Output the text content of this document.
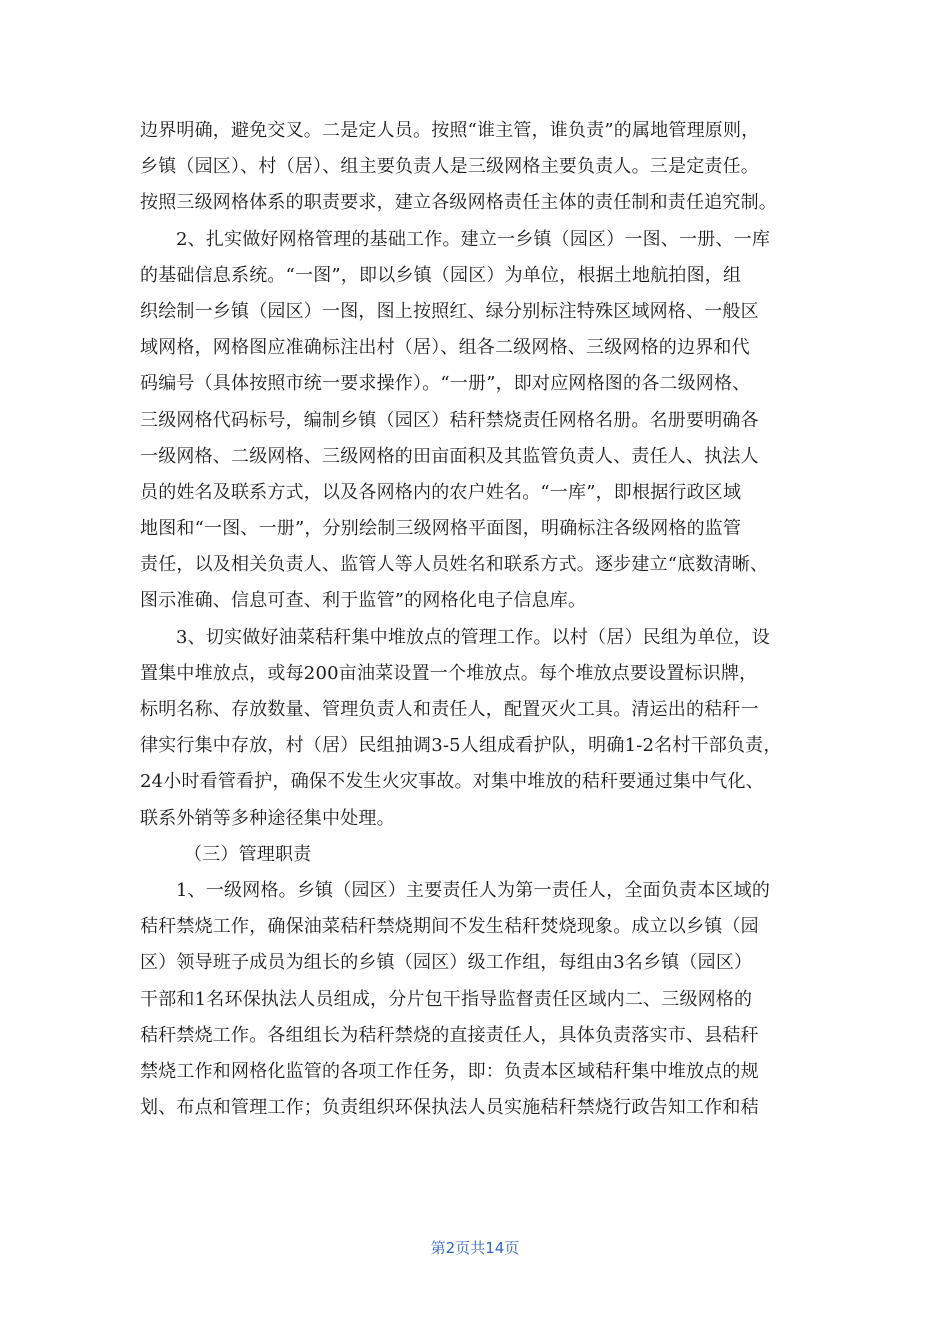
边界明确，避免交叉。二是定人员。按照“谁主管，谁负责”的属地管理原则，
乡镇（园区）、村（居）、组主要负责人是三级网格主要负责人。三是定责任。
按照三级网格体系的职责要求，建立各级网格责任主体的责任制和责任追究制。
2、扎实做好网格管理的基础工作。建立一乡镇（园区）一图、一册、一库
的基础信息系统。“一图”，即以乡镇（园区）为单位，根据土地航拍图，组
织绘制一乡镇（园区）一图，图上按照红、绿分别标注特殊区域网格、一般区
域网格，网格图应准确标注出村（居）、组各二级网格、三级网格的边界和代
码编号（具体按照市统一要求操作）。“一册”，即对应网格图的各二级网格、
三级网格代码标号，编制乡镇（园区）秸秆禁烧责任网格名册。名册要明确各
一级网格、二级网格、三级网格的田亩面积及其监管负责人、责任人、执法人
员的姓名及联系方式，以及各网格内的农户姓名。“一库”，即根据行政区域
地图和“一图、一册”，分别绘制三级网格平面图，明确标注各级网格的监管
责任，以及相关负责人、监管人等人员姓名和联系方式。逐步建立“底数清晰、
图示准确、信息可查、利于监管”的网格化电子信息库。
3、切实做好油菜秸秆集中堆放点的管理工作。以村（居）民组为单位，设
置集中堆放点，或每200亩油菜设置一个堆放点。每个堆放点要设置标识牌，
标明名称、存放数量、管理负责人和责任人，配置灭火工具。清运出的秸秆一
律实行集中存放，村（居）民组抽调3-5人组成看护队，明确1-2名村干部负责，
24小时看管看护，确保不发生火灾事故。对集中堆放的秸秆要通过集中气化、
联系外销等多种途径集中处理。
（三）管理职责
1、一级网格。乡镇（园区）主要责任人为第一责任人，全面负责本区域的
秸秆禁烧工作，确保油菜秸秆禁烧期间不发生秸秆焚烧现象。成立以乡镇（园
区）领导班子成员为组长的乡镇（园区）级工作组，每组由3名乡镇（园区）
干部和1名环保执法人员组成，分片包干指导监督责任区域内二、三级网格的
秸秆禁烧工作。各组组长为秸秆禁烧的直接责任人，具体负责落实市、县秸秆
禁烧工作和网格化监管的各项工作任务，即：负责本区域秸秆集中堆放点的规
划、布点和管理工作；负责组织环保执法人员实施秸秆禁烧行政告知工作和秸
第2页共14页
